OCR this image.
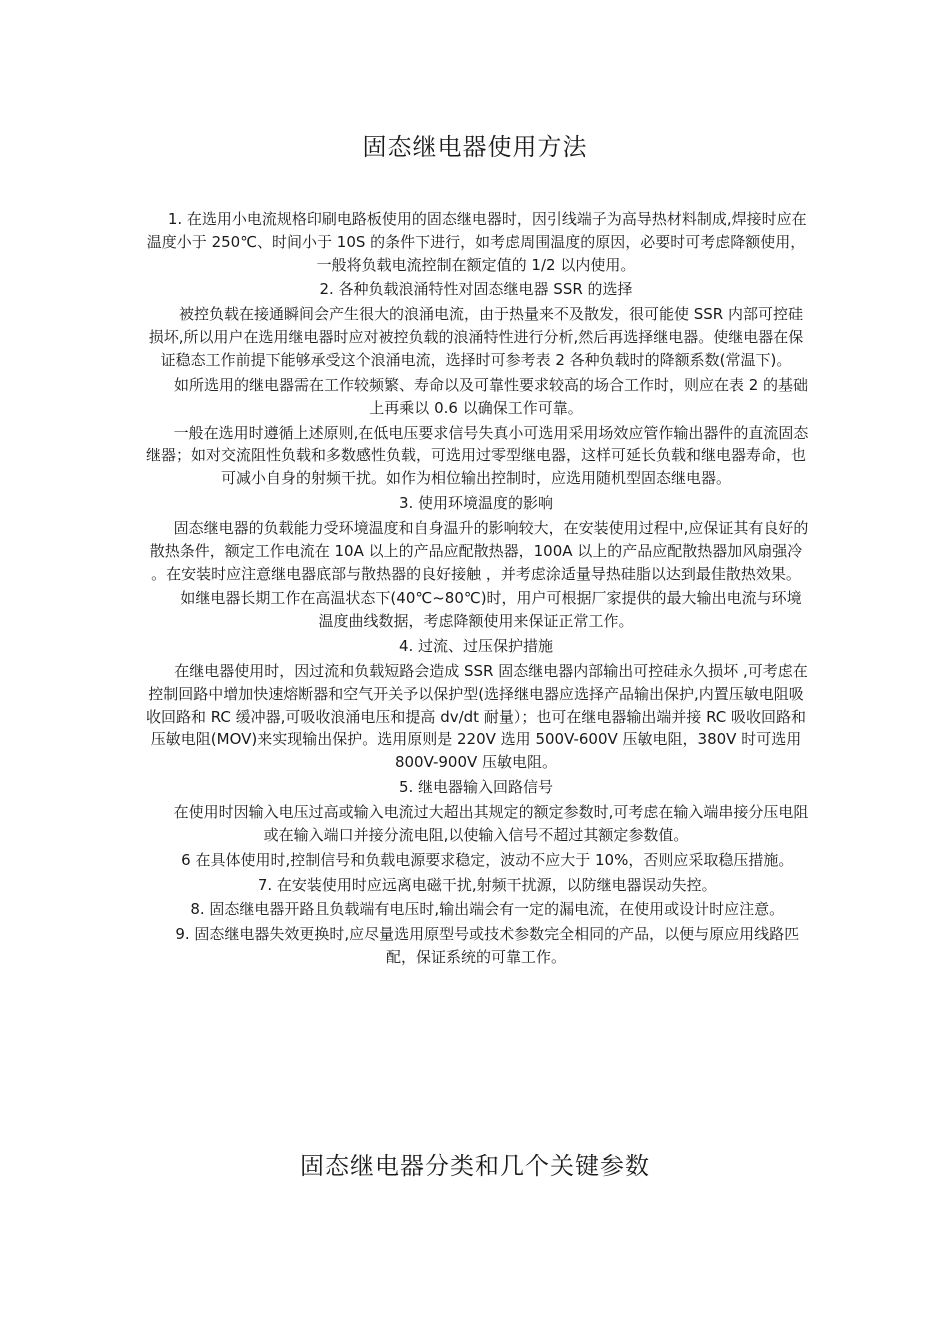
固态继电器使用方法

1. 在选用小电流规格印刷电路板使用的固态继电器时，因引线端子为高导热材料制成,焊接时应在温度小于 250℃、时间小于 10S 的条件下进行，如考虑周围温度的原因，必要时可考虑降额使用，一般将负载电流控制在额定值的 1/2 以内使用。

2. 各种负载浪涌特性对固态继电器 SSR 的选择

被控负载在接通瞬间会产生很大的浪涌电流，由于热量来不及散发，很可能使 SSR 内部可控硅损坏,所以用户在选用继电器时应对被控负载的浪涌特性进行分析,然后再选择继电器。使继电器在保证稳态工作前提下能够承受这个浪涌电流，选择时可参考表 2 各种负载时的降额系数(常温下)。

如所选用的继电器需在工作较频繁、寿命以及可靠性要求较高的场合工作时，则应在表 2 的基础上再乘以 0.6 以确保工作可靠。

一般在选用时遵循上述原则,在低电压要求信号失真小可选用采用场效应管作输出器件的直流固态继器；如对交流阻性负载和多数感性负载，可选用过零型继电器，这样可延长负载和继电器寿命，也可减小自身的射频干扰。如作为相位输出控制时，应选用随机型固态继电器。

3. 使用环境温度的影响

固态继电器的负载能力受环境温度和自身温升的影响较大，在安装使用过程中,应保证其有良好的散热条件，额定工作电流在 10A 以上的产品应配散热器，100A 以上的产品应配散热器加风扇强冷 。在安装时应注意继电器底部与散热器的良好接触 ，并考虑涂适量导热硅脂以达到最佳散热效果。

如继电器长期工作在高温状态下(40℃~80℃)时，用户可根据厂家提供的最大输出电流与环境温度曲线数据，考虑降额使用来保证正常工作。

4. 过流、过压保护措施

在继电器使用时，因过流和负载短路会造成 SSR 固态继电器内部输出可控硅永久损坏 ,可考虑在控制回路中增加快速熔断器和空气开关予以保护型(选择继电器应选择产品输出保护,内置压敏电阻吸收回路和 RC 缓冲器,可吸收浪涌电压和提高 dv/dt 耐量）；也可在继电器输出端并接 RC 吸收回路和压敏电阻(MOV)来实现输出保护。选用原则是 220V 选用 500V-600V 压敏电阻，380V 时可选用 800V-900V 压敏电阻。

5. 继电器输入回路信号

在使用时因输入电压过高或输入电流过大超出其规定的额定参数时,可考虑在输入端串接分压电阻或在输入端口并接分流电阻,以使输入信号不超过其额定参数值。

6 在具体使用时,控制信号和负载电源要求稳定，波动不应大于 10%，否则应采取稳压措施。

7. 在安装使用时应远离电磁干扰,射频干扰源，以防继电器误动失控。

8. 固态继电器开路且负载端有电压时,输出端会有一定的漏电流，在使用或设计时应注意。

9. 固态继电器失效更换时,应尽量选用原型号或技术参数完全相同的产品，以便与原应用线路匹配，保证系统的可靠工作。

固态继电器分类和几个关键参数
